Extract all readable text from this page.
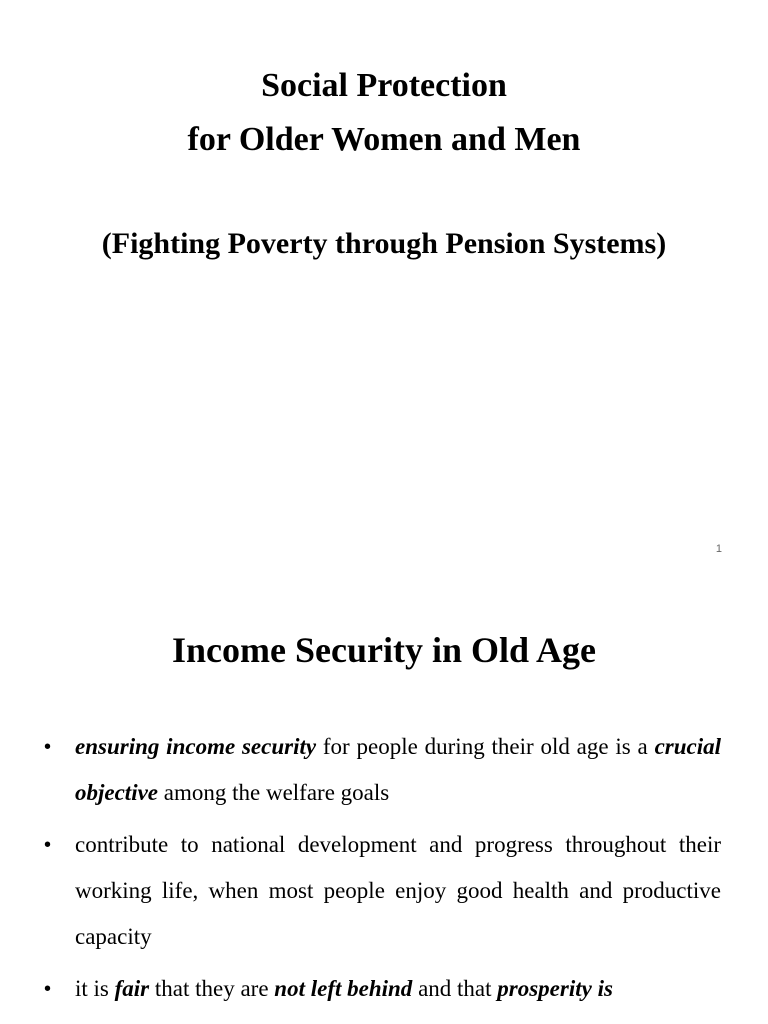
Social Protection
for Older Women and Men
(Fighting Poverty through Pension Systems)
1
Income Security in Old Age
• ensuring income security for people during their old age is a crucial objective among the welfare goals
• contribute to national development and progress throughout their working life, when most people enjoy good health and productive capacity
• it is fair that they are not left behind and that prosperity is
